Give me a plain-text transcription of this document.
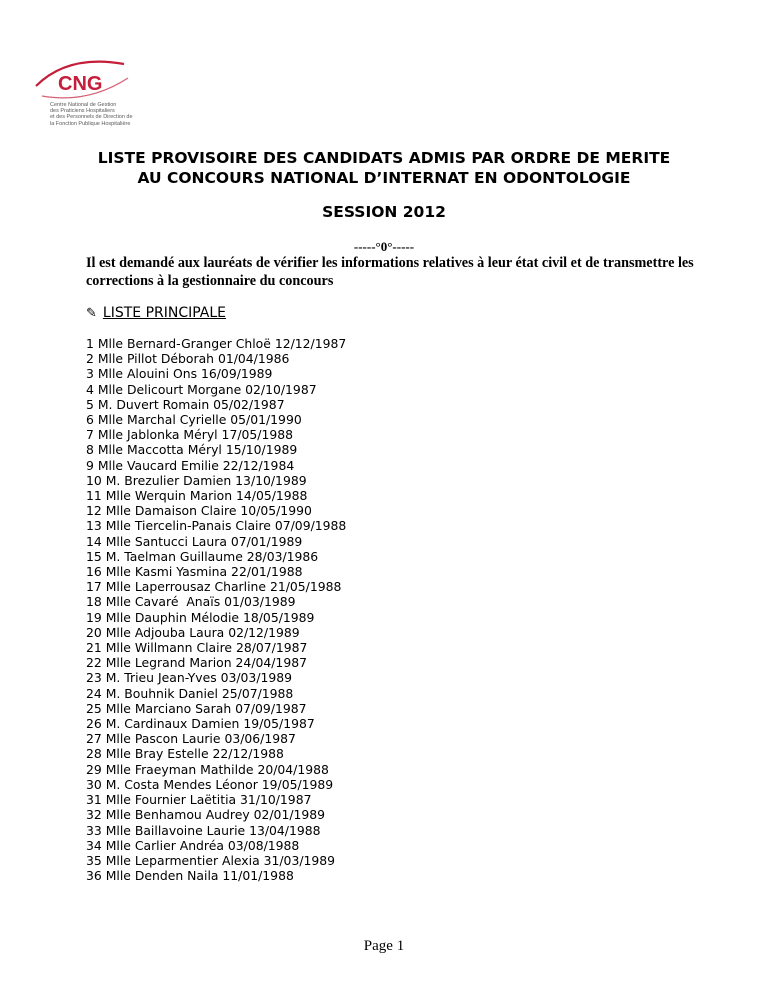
CNG
Centre National de Gestion
des Praticiens Hospitaliers
et des Personnels de Direction de
la Fonction Publique Hospitalière
LISTE PROVISOIRE DES CANDIDATS ADMIS PAR ORDRE DE MERITE
AU CONCOURS NATIONAL D’INTERNAT EN ODONTOLOGIE
SESSION 2012
-----°0°-----
Il est demandé aux lauréats de vérifier les informations relatives à leur état civil et de transmettre les corrections à la gestionnaire du concours
✎ LISTE PRINCIPALE
1 Mlle Bernard-Granger Chloë 12/12/1987
2 Mlle Pillot Déborah 01/04/1986
3 Mlle Alouini Ons 16/09/1989
4 Mlle Delicourt Morgane 02/10/1987
5 M. Duvert Romain 05/02/1987
6 Mlle Marchal Cyrielle 05/01/1990
7 Mlle Jablonka Méryl 17/05/1988
8 Mlle Maccotta Méryl 15/10/1989
9 Mlle Vaucard Emilie 22/12/1984
10 M. Brezulier Damien 13/10/1989
11 Mlle Werquin Marion 14/05/1988
12 Mlle Damaison Claire 10/05/1990
13 Mlle Tiercelin-Panais Claire 07/09/1988
14 Mlle Santucci Laura 07/01/1989
15 M. Taelman Guillaume 28/03/1986
16 Mlle Kasmi Yasmina 22/01/1988
17 Mlle Laperrousaz Charline 21/05/1988
18 Mlle Cavaré  Anaïs 01/03/1989
19 Mlle Dauphin Mélodie 18/05/1989
20 Mlle Adjouba Laura 02/12/1989
21 Mlle Willmann Claire 28/07/1987
22 Mlle Legrand Marion 24/04/1987
23 M. Trieu Jean-Yves 03/03/1989
24 M. Bouhnik Daniel 25/07/1988
25 Mlle Marciano Sarah 07/09/1987
26 M. Cardinaux Damien 19/05/1987
27 Mlle Pascon Laurie 03/06/1987
28 Mlle Bray Estelle 22/12/1988
29 Mlle Fraeyman Mathilde 20/04/1988
30 M. Costa Mendes Léonor 19/05/1989
31 Mlle Fournier Laëtitia 31/10/1987
32 Mlle Benhamou Audrey 02/01/1989
33 Mlle Baillavoine Laurie 13/04/1988
34 Mlle Carlier Andréa 03/08/1988
35 Mlle Leparmentier Alexia 31/03/1989
36 Mlle Denden Naila 11/01/1988
Page 1
